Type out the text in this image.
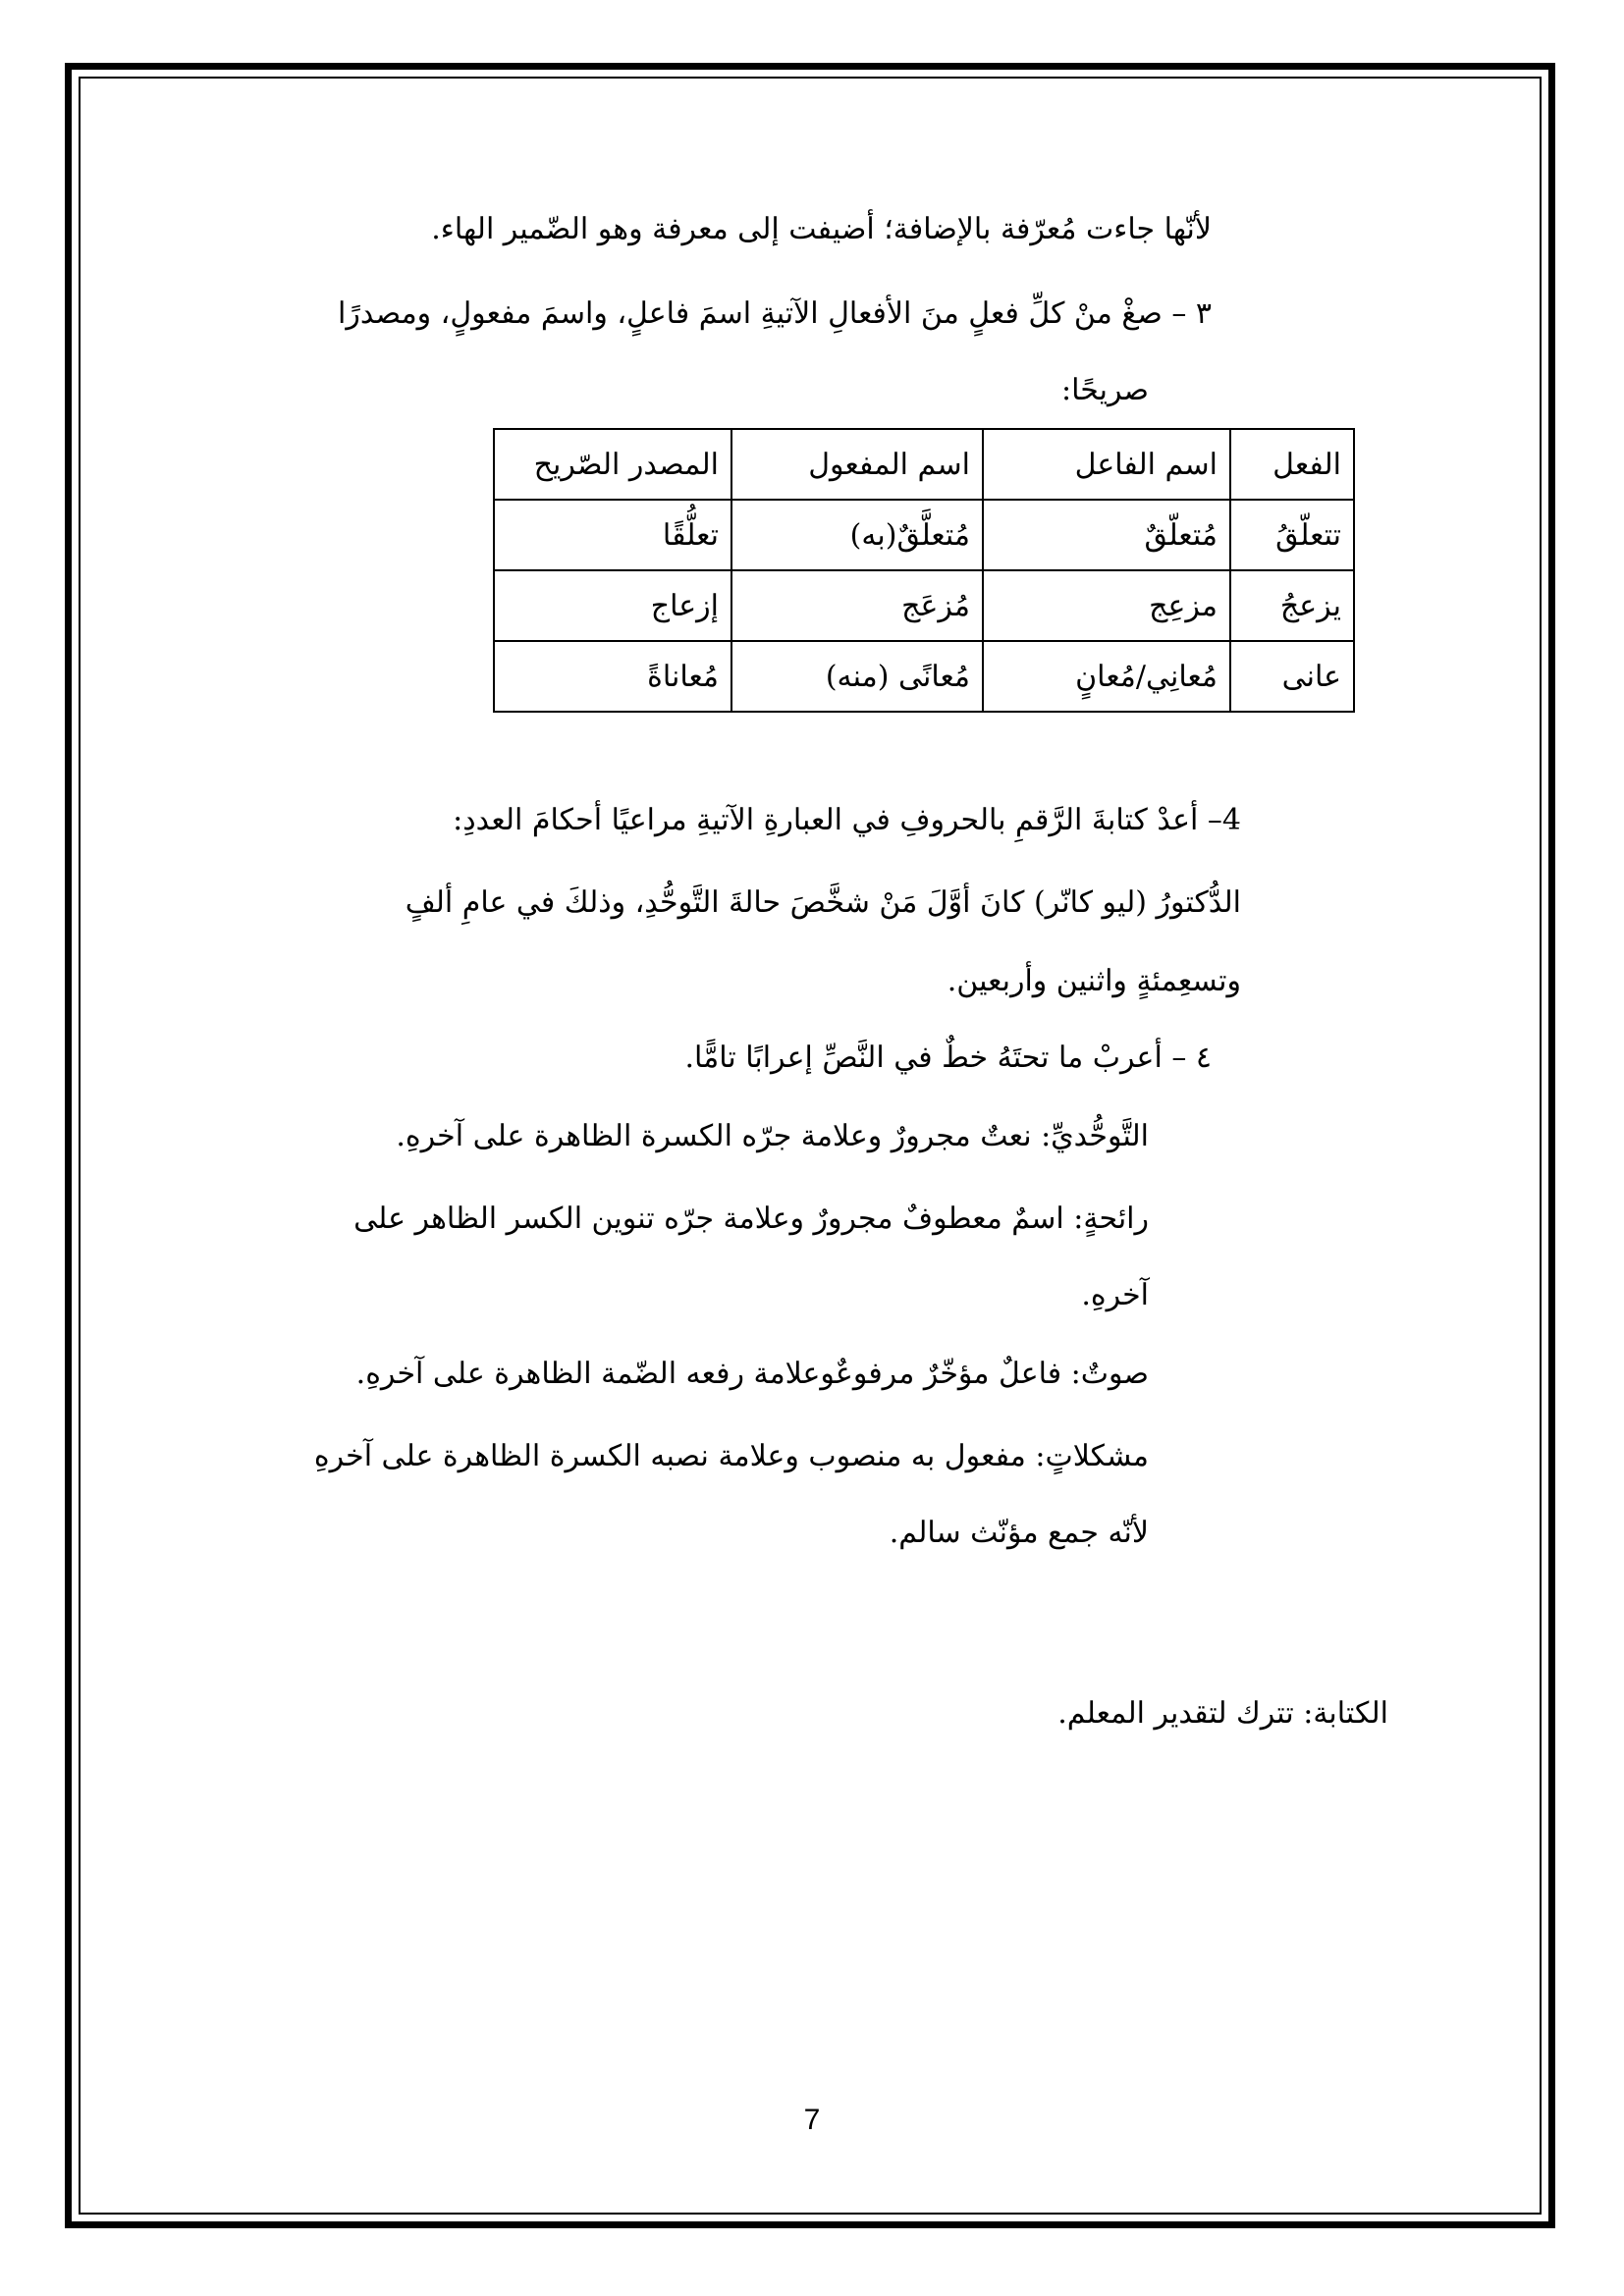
لأنّها جاءت مُعرّفة بالإضافة؛ أضيفت إلى معرفة وهو الضّمير الهاء.
٣ – صغْ منْ كلِّ فعلٍ منَ الأفعالِ الآتيةِ اسمَ فاعلٍ، واسمَ مفعولٍ، ومصدرًا
صريحًا:
الفعل	اسم الفاعل	اسم المفعول	المصدر الصّريح
تتعلّقُ	مُتعلّقٌ	مُتعلَّقٌ(به)	تعلُّقًا
يزعجُ	مزعِج	مُزعَج	إزعاج
عانى	مُعانِي/مُعانٍ	مُعانًى (منه)	مُعاناةً
4– أعدْ كتابةَ الرَّقمِ بالحروفِ في العبارةِ الآتيةِ مراعيًا أحكامَ العددِ:
الدُّكتورُ (ليو كانّر) كانَ أوَّلَ مَنْ شخَّصَ حالةَ التَّوحُّدِ، وذلكَ في عامِ ألفٍ
وتسعِمئةٍ واثنين وأربعين.
٤ – أعربْ ما تحتَهُ خطٌ في النَّصِّ إعرابًا تامًّا.
التَّوحُّديِّ: نعتٌ مجرورٌ وعلامة جرّه الكسرة الظاهرة على آخرهِ.
رائحةٍ: اسمٌ معطوفٌ مجرورٌ وعلامة جرّه تنوين الكسر الظاهر على
آخرهِ.
صوتٌ: فاعلٌ مؤخّرٌ مرفوعٌوعلامة رفعه الضّمة الظاهرة على آخرهِ.
مشكلاتٍ: مفعول به منصوب وعلامة نصبه الكسرة الظاهرة على آخرهِ
لأنّه جمع مؤنّث سالم.
الكتابة: تترك لتقدير المعلم.
7
